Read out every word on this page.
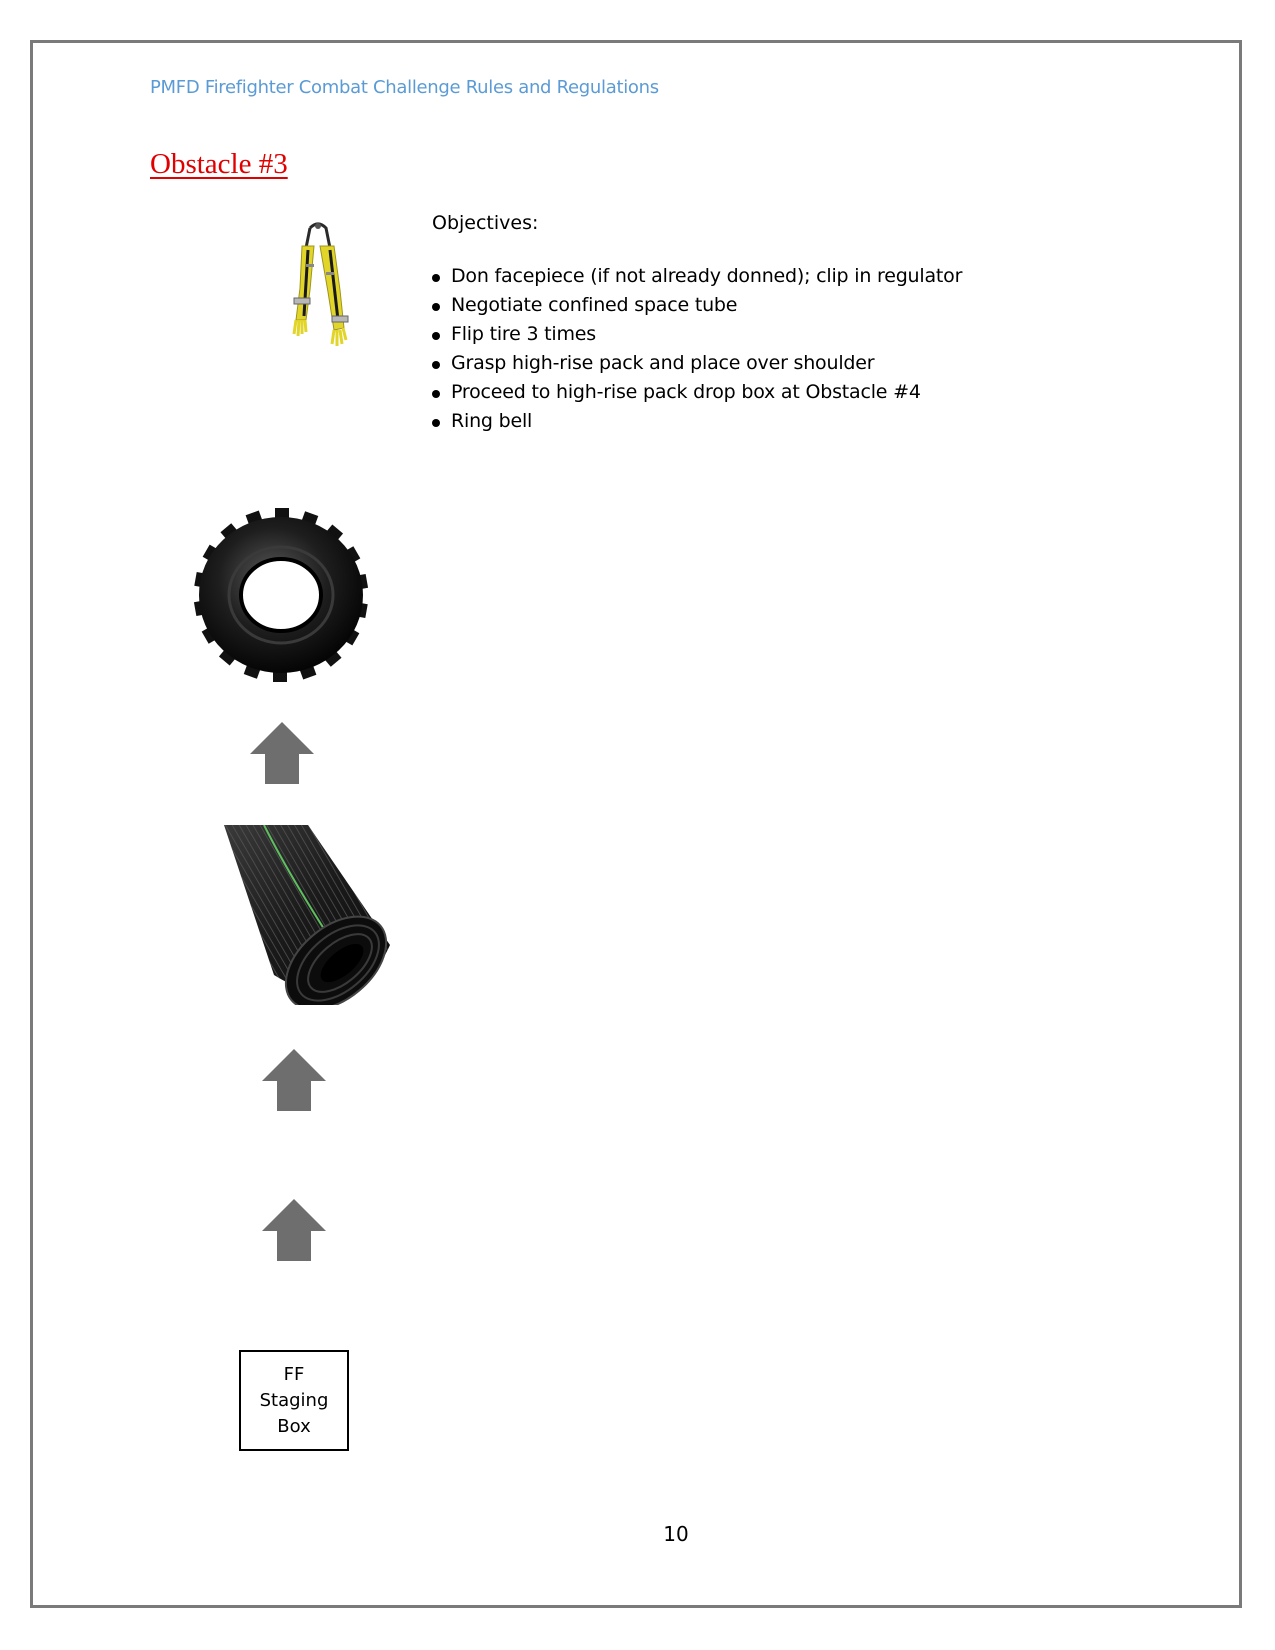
PMFD Firefighter Combat Challenge Rules and Regulations
Obstacle #3
Objectives:
Don facepiece (if not already donned); clip in regulator
Negotiate confined space tube
Flip tire 3 times
Grasp high-rise pack and place over shoulder
Proceed to high-rise pack drop box at Obstacle #4
Ring bell
FF
Staging
Box
10
